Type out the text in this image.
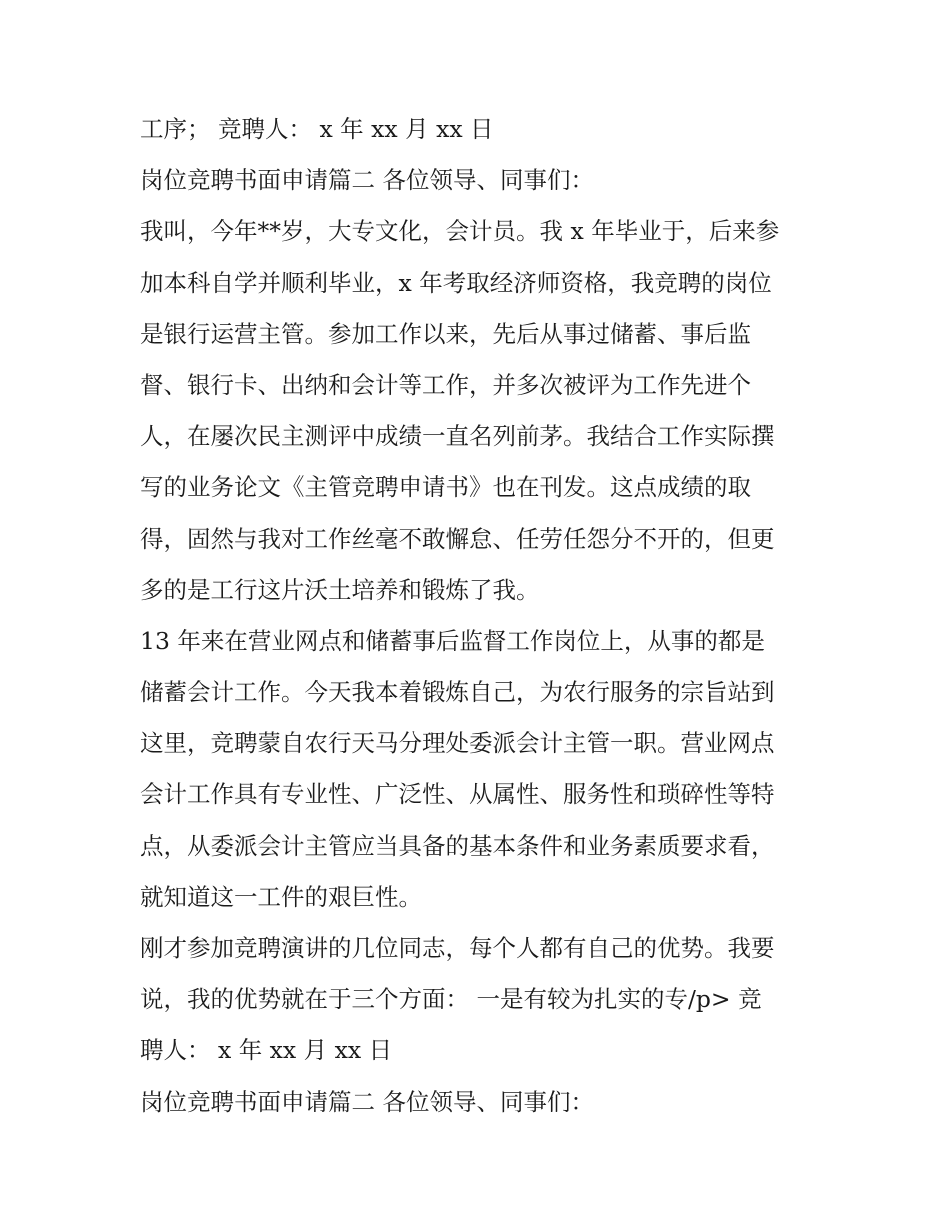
工序； 竞聘人： x 年 xx 月 xx 日

岗位竞聘书面申请篇二 各位领导、同事们：

我叫，今年**岁，大专文化，会计员。我 x 年毕业于，后来参
加本科自学并顺利毕业，x 年考取经济师资格，我竞聘的岗位
是银行运营主管。参加工作以来，先后从事过储蓄、事后监
督、银行卡、出纳和会计等工作，并多次被评为工作先进个
人，在屡次民主测评中成绩一直名列前茅。我结合工作实际撰
写的业务论文《主管竞聘申请书》也在刊发。这点成绩的取
得，固然与我对工作丝毫不敢懈怠、任劳任怨分不开的，但更
多的是工行这片沃土培养和锻炼了我。

13 年来在营业网点和储蓄事后监督工作岗位上，从事的都是
储蓄会计工作。今天我本着锻炼自己，为农行服务的宗旨站到
这里，竞聘蒙自农行天马分理处委派会计主管一职。营业网点
会计工作具有专业性、广泛性、从属性、服务性和琐碎性等特
点，从委派会计主管应当具备的基本条件和业务素质要求看，
就知道这一工件的艰巨性。

刚才参加竞聘演讲的几位同志，每个人都有自己的优势。我要
说，我的优势就在于三个方面： 一是有较为扎实的专/p> 竞
聘人： x 年 xx 月 xx 日

岗位竞聘书面申请篇二 各位领导、同事们：
